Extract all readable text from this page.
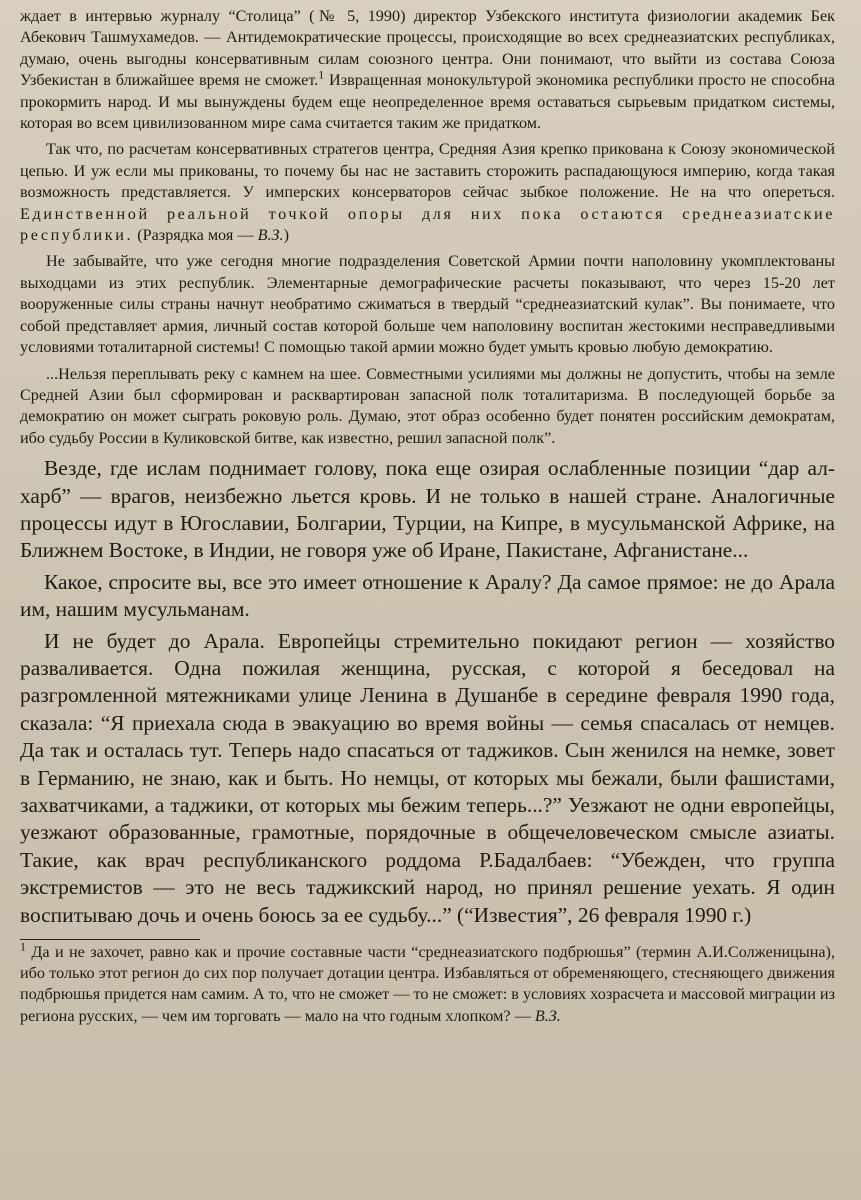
ждает в интервью журналу “Столица” (№ 5, 1990) директор Узбекского института физиологии академик Бек Абекович Ташмухамедов. — Антидемократические процессы, происходящие во всех среднеазиатских республиках, думаю, очень выгодны консервативным силам союзного центра. Они понимают, что выйти из состава Союза Узбекистан в ближайшее время не сможет.$^1$ Извращенная монокультурой экономика республики просто не способна прокормить народ. И мы вынуждены будем еще неопределенное время оставаться сырьевым придатком системы, которая во всем цивилизованном мире сама считается таким же придатком.

Так что, по расчетам консервативных стратегов центра, Средняя Азия крепко прикована к Союзу экономической цепью. И уж если мы прикованы, то почему бы нас не заставить сторожить распадающуюся империю, когда такая возможность представляется. У имперских консерваторов сейчас зыбкое положение. Не на что опереться. Единственной реальной точкой опоры для них пока остаются среднеазиатские республики. (Разрядка моя — В.З.)

Не забывайте, что уже сегодня многие подразделения Советской Армии почти наполовину укомплектованы выходцами из этих республик. Элементарные демографические расчеты показывают, что через 15-20 лет вооруженные силы страны начнут необратимо сжиматься в твердый “среднеазиатский кулак”. Вы понимаете, что собой представляет армия, личный состав которой больше чем наполовину воспитан жестокими несправедливыми условиями тоталитарной системы! С помощью такой армии можно будет умыть кровью любую демократию.

...Нельзя переплывать реку с камнем на шее. Совместными усилиями мы должны не допустить, чтобы на земле Средней Азии был сформирован и расквартирован запасной полк тоталитаризма. В последующей борьбе за демократию он может сыграть роковую роль. Думаю, этот образ особенно будет понятен российским демократам, ибо судьбу России в Куликовской битве, как известно, решил запасной полк”.

Везде, где ислам поднимает голову, пока еще озирая ослабленные позиции “дар ал-харб” — врагов, неизбежно льется кровь. И не только в нашей стране. Аналогичные процессы идут в Югославии, Болгарии, Турции, на Кипре, в мусульманской Африке, на Ближнем Востоке, в Индии, не говоря уже об Иране, Пакистане, Афганистане...

Какое, спросите вы, все это имеет отношение к Аралу? Да самое прямое: не до Арала им, нашим мусульманам.

И не будет до Арала. Европейцы стремительно покидают регион — хозяйство разваливается. Одна пожилая женщина, русская, с которой я беседовал на разгромленной мятежниками улице Ленина в Душанбе в середине февраля 1990 года, сказала: “Я приехала сюда в эвакуацию во время войны — семья спасалась от немцев. Да так и осталась тут. Теперь надо спасаться от таджиков. Сын женился на немке, зовет в Германию, не знаю, как и быть. Но немцы, от которых мы бежали, были фашистами, захватчиками, а таджики, от которых мы бежим теперь...?” Уезжают не одни европейцы, уезжают образованные, грамотные, порядочные в общечеловеческом смысле азиаты. Такие, как врач республиканского роддома Р.Бадалбаев: “Убежден, что группа экстремистов — это не весь таджикский народ, но принял решение уехать. Я один воспитываю дочь и очень боюсь за ее судьбу...” (“Известия”, 26 февраля 1990 г.)

$^1$ Да и не захочет, равно как и прочие составные части “среднеазиатского подбрюшья” (термин А.И.Солженицына), ибо только этот регион до сих пор получает дотации центра. Избавляться от обременяющего, стесняющего движения подбрюшья придется нам самим. А то, что не сможет — то не сможет: в условиях хозрасчета и массовой миграции из региона русских, — чем им торговать — мало на что годным хлопком? — В.З.
